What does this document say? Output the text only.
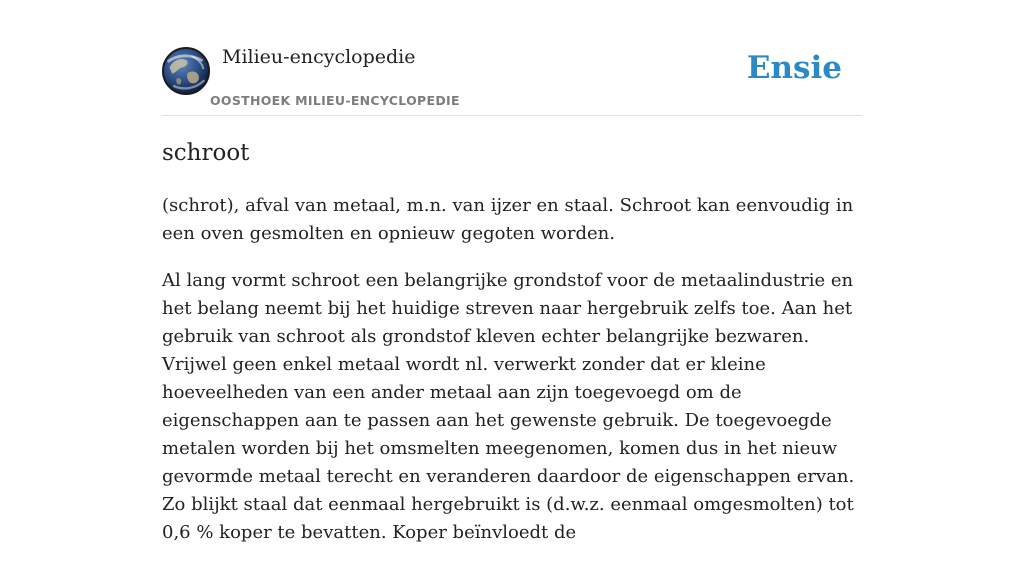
Milieu-encyclopedie
OOSTHOEK MILIEU-ENCYCLOPEDIE
Ensie
schroot

(schrot), afval van metaal, m.n. van ijzer en staal. Schroot kan eenvoudig in een oven gesmolten en opnieuw gegoten worden.

Al lang vormt schroot een belangrijke grondstof voor de metaalindustrie en het belang neemt bij het huidige streven naar hergebruik zelfs toe. Aan het gebruik van schroot als grondstof kleven echter belangrijke bezwaren. Vrijwel geen enkel metaal wordt nl. verwerkt zonder dat er kleine hoeveelheden van een ander metaal aan zijn toegevoegd om de eigenschappen aan te passen aan het gewenste gebruik. De toegevoegde metalen worden bij het omsmelten meegenomen, komen dus in het nieuw gevormde metaal terecht en veranderen daardoor de eigenschappen ervan. Zo blijkt staal dat eenmaal hergebruikt is (d.w.z. eenmaal omgesmolten) tot 0,6 % koper te bevatten. Koper beïnvloedt de
